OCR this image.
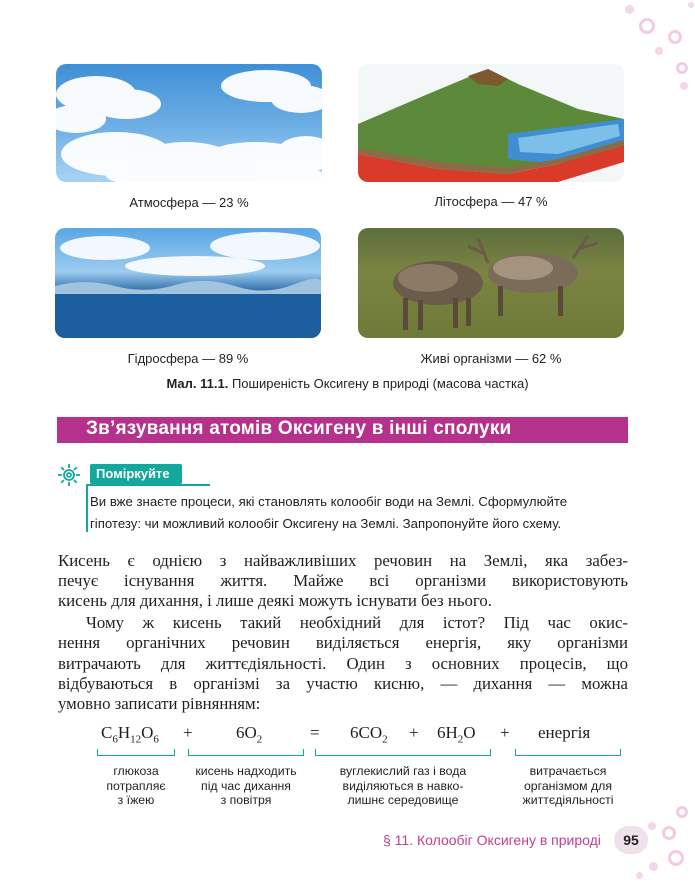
Атмосфера — 23 %	Літосфера — 47 %
Гідросфера — 89 %	Живі організми — 62 %
Мал. 11.1. Поширеність Оксигену в природі (масова частка)
Зв’язування атомів Оксигену в інші сполуки
Поміркуйте
Ви вже знаєте процеси, які становлять колообіг води на Землі. Сформулюйте
гіпотезу: чи можливий колообіг Оксигену на Землі. Запропонуйте його схему.
Кисень є однією з найважливіших речовин на Землі, яка забез-
печує існування життя. Майже всі організми використовують
кисень для дихання, і лише деякі можуть існувати без нього.
Чому ж кисень такий необхідний для істот? Під час окис-
нення органічних речовин виділяється енергія, яку організми
витрачають для життєдіяльності. Один з основних процесів, що
відбуваються в організмі за участю кисню, — дихання — можна
умовно записати рівнянням:
$C_6H_{12}O_6$ +	$6O_2$	= $6CO_2 + 6H_2O$ + енергія
глюкоза
потрапляє
з їжею
кисень надходить
під час дихання
з повітря
вуглекислий газ і вода
виділяються в навко-
лишнє середовище
витрачається
організмом для
життєдіяльності
§ 11. Колообіг Оксигену в природі	95
